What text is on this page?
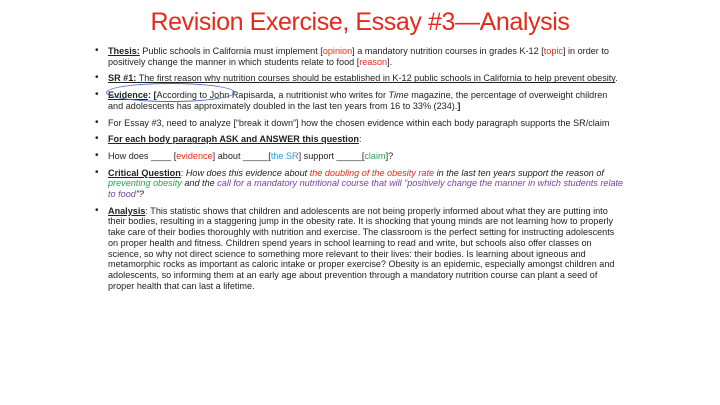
Revision Exercise, Essay #3—Analysis
• Thesis: Public schools in California must implement [opinion] a mandatory nutrition courses in grades K-12 [topic] in order to positively change the manner in which students relate to food [reason].
• SR #1: The first reason why nutrition courses should be established in K-12 public schools in California to help prevent obesity.
• Evidence: [According to John Rapisarda, a nutritionist who writes for Time magazine, the percentage of overweight children and adolescents has approximately doubled in the last ten years from 16 to 33% (234).]
• For Essay #3, need to analyze [“break it down”] how the chosen evidence within each body paragraph supports the SR/claim
• For each body paragraph ASK and ANSWER this question:
• How does ____ [evidence] about _____[the SR] support _____[claim]?
• Critical Question: How does this evidence about the doubling of the obesity rate in the last ten years support the reason of preventing obesity and the call for a mandatory nutritional course that will “positively change the manner in which students relate to food”?
• Analysis: This statistic shows that children and adolescents are not being properly informed about what they are putting into their bodies, resulting in a staggering jump in the obesity rate. It is shocking that young minds are not learning how to properly take care of their bodies thoroughly with nutrition and exercise. The classroom is the perfect setting for instructing adolescents on proper health and fitness. Children spend years in school learning to read and write, but schools also offer classes on science, so why not direct science to something more relevant to their lives: their bodies. Is learning about igneous and metamorphic rocks as important as caloric intake or proper exercise? Obesity is an epidemic, especially amongst children and adolescents, so informing them at an early age about prevention through a mandatory nutrition course can plant a seed of proper health that can last a lifetime.
